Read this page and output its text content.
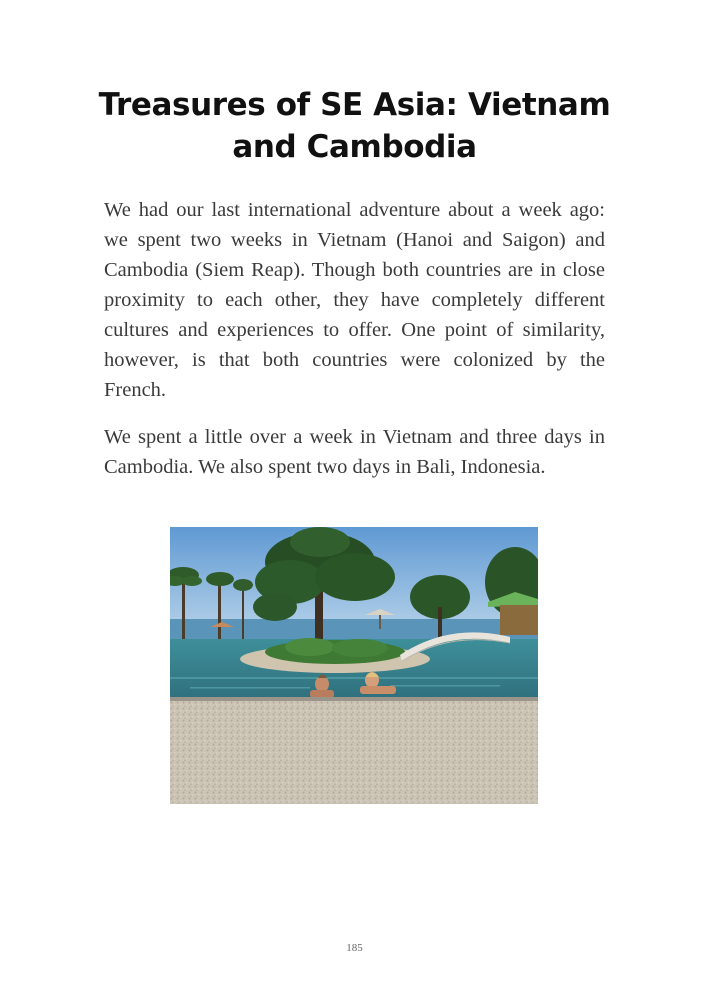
Treasures of SE Asia: Vietnam and Cambodia

We had our last international adventure about a week ago: we spent two weeks in Vietnam (Hanoi and Saigon) and Cambodia (Siem Reap). Though both countries are in close proximity to each other, they have completely different cultures and experiences to offer. One point of similarity, however, is that both countries were colonized by the French.

We spent a little over a week in Vietnam and three days in Cambodia. We also spent two days in Bali, Indonesia.

185
